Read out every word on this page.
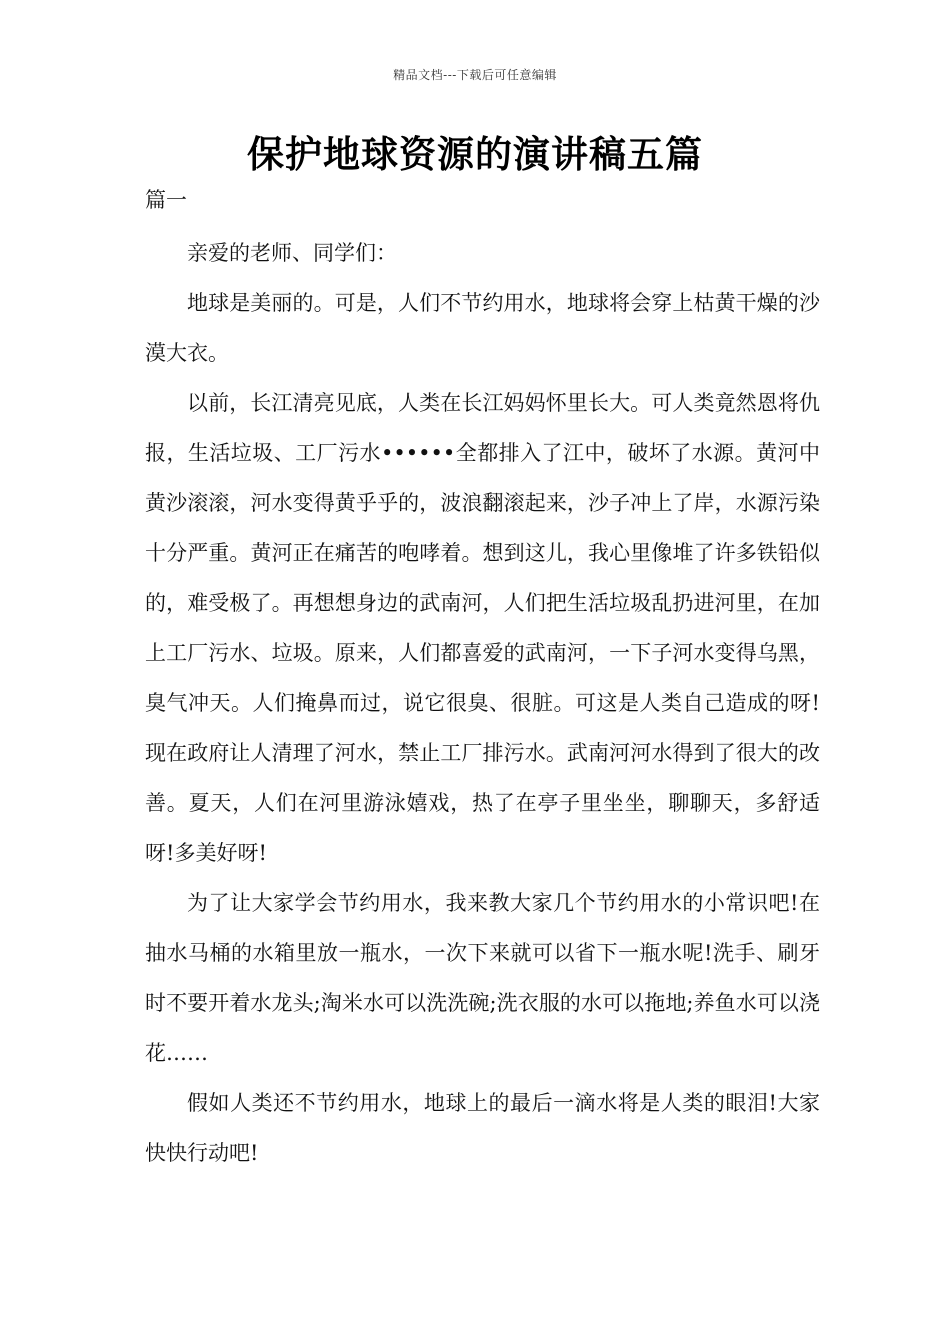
精品文档---下载后可任意编辑
保护地球资源的演讲稿五篇
篇一

亲爱的老师、同学们：

地球是美丽的。可是，人们不节约用水，地球将会穿上枯黄干燥的沙漠大衣。

以前，长江清亮见底，人类在长江妈妈怀里长大。可人类竟然恩将仇报，生活垃圾、工厂污水••••••全都排入了江中，破坏了水源。黄河中黄沙滚滚，河水变得黄乎乎的，波浪翻滚起来，沙子冲上了岸，水源污染十分严重。黄河正在痛苦的咆哮着。想到这儿，我心里像堆了许多铁铅似的，难受极了。再想想身边的武南河，人们把生活垃圾乱扔进河里，在加上工厂污水、垃圾。原来，人们都喜爱的武南河，一下子河水变得乌黑，臭气冲天。人们掩鼻而过，说它很臭、很脏。可这是人类自己造成的呀!现在政府让人清理了河水，禁止工厂排污水。武南河河水得到了很大的改善。夏天，人们在河里游泳嬉戏，热了在亭子里坐坐，聊聊天，多舒适呀!多美好呀!

为了让大家学会节约用水，我来教大家几个节约用水的小常识吧!在抽水马桶的水箱里放一瓶水，一次下来就可以省下一瓶水呢!洗手、刷牙时不要开着水龙头;淘米水可以洗洗碗;洗衣服的水可以拖地;养鱼水可以浇花……

假如人类还不节约用水，地球上的最后一滴水将是人类的眼泪!大家快快行动吧!
